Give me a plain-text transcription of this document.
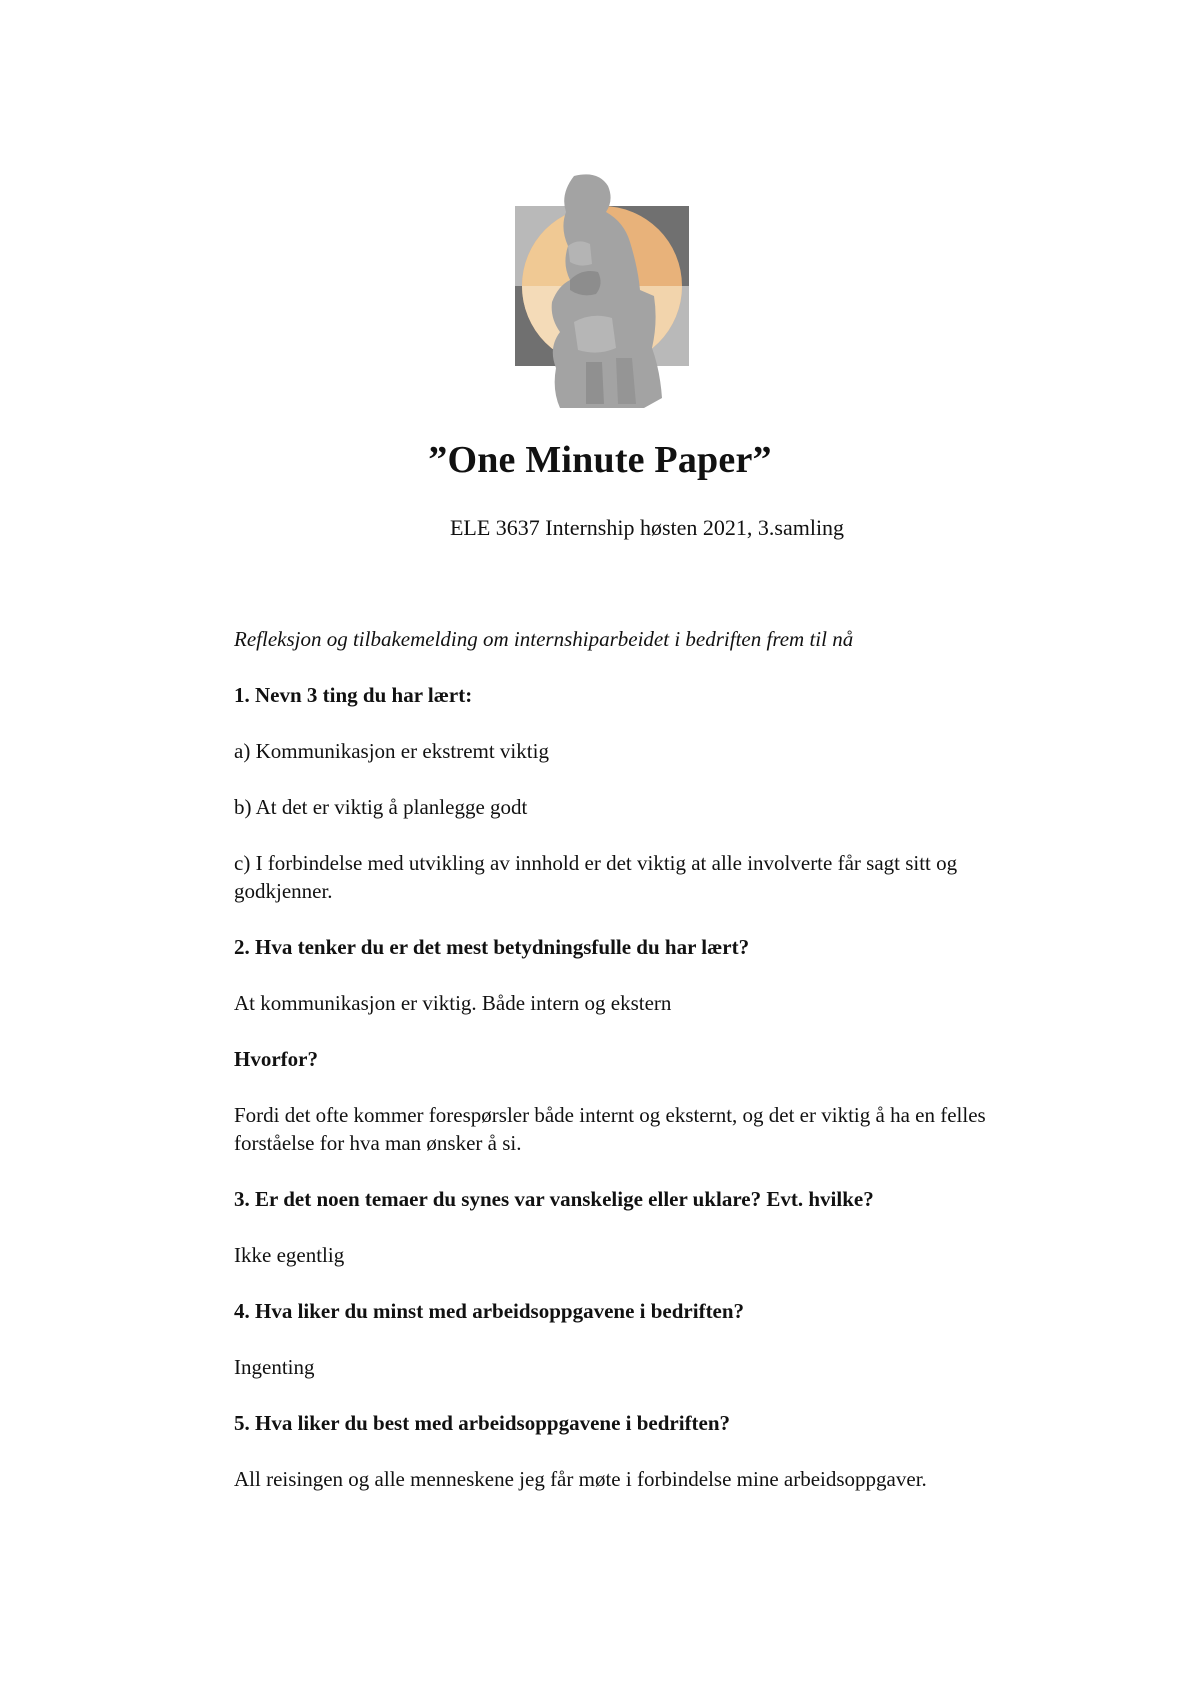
”One Minute Paper”
ELE 3637 Internship høsten 2021, 3.samling

Refleksjon og tilbakemelding om internshiparbeidet i bedriften frem til nå

1. Nevn 3 ting du har lært:

a) Kommunikasjon er ekstremt viktig

b) At det er viktig å planlegge godt

c) I forbindelse med utvikling av innhold er det viktig at alle involverte får sagt sitt og godkjenner.

2. Hva tenker du er det mest betydningsfulle du har lært?

At kommunikasjon er viktig. Både intern og ekstern

Hvorfor?

Fordi det ofte kommer forespørsler både internt og eksternt, og det er viktig å ha en felles forståelse for hva man ønsker å si.

3. Er det noen temaer du synes var vanskelige eller uklare? Evt. hvilke?

Ikke egentlig

4. Hva liker du minst med arbeidsoppgavene i bedriften?

Ingenting

5. Hva liker du best med arbeidsoppgavene i bedriften?

All reisingen og alle menneskene jeg får møte i forbindelse mine arbeidsoppgaver.
